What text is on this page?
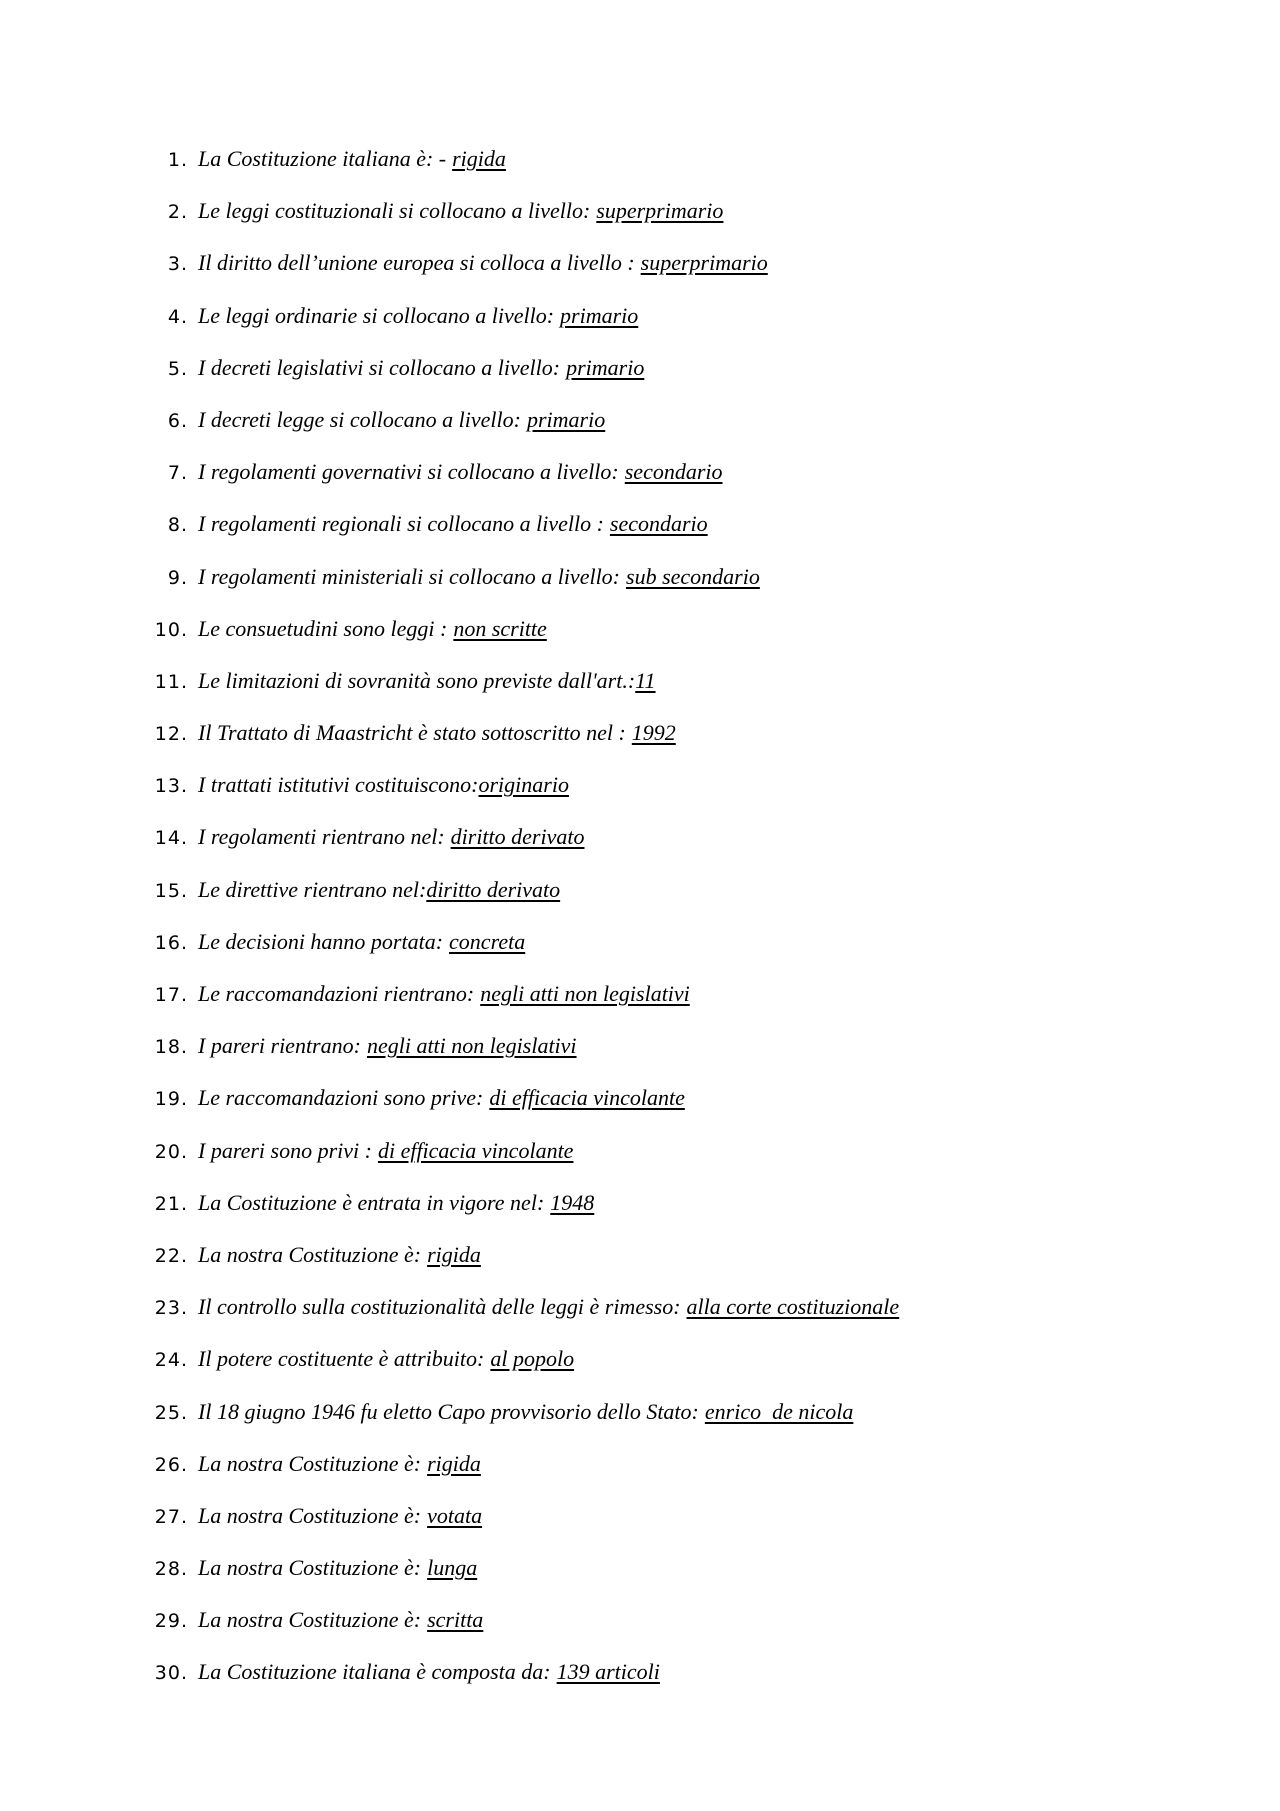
1. La Costituzione italiana è: - rigida
2. Le leggi costituzionali si collocano a livello: superprimario
3. Il diritto dell’unione europea si colloca a livello : superprimario
4. Le leggi ordinarie si collocano a livello: primario
5. I decreti legislativi si collocano a livello: primario
6. I decreti legge si collocano a livello: primario
7. I regolamenti governativi si collocano a livello: secondario
8. I regolamenti regionali si collocano a livello : secondario
9. I regolamenti ministeriali si collocano a livello: sub secondario
10. Le consuetudini sono leggi : non scritte
11. Le limitazioni di sovranità sono previste dall'art.: 11
12. Il Trattato di Maastricht è stato sottoscritto nel : 1992
13. I trattati istitutivi costituiscono: originario
14. I regolamenti rientrano nel: diritto derivato
15. Le direttive rientrano nel: diritto derivato
16. Le decisioni hanno portata: concreta
17. Le raccomandazioni rientrano: negli atti non legislativi
18. I pareri rientrano: negli atti non legislativi
19. Le raccomandazioni sono prive: di efficacia vincolante
20. I pareri sono privi : di efficacia vincolante
21. La Costituzione è entrata in vigore nel: 1948
22. La nostra Costituzione è: rigida
23. Il controllo sulla costituzionalità delle leggi è rimesso: alla corte costituzionale
24. Il potere costituente è attribuito: al popolo
25. Il 18 giugno 1946 fu eletto Capo provvisorio dello Stato: enrico  de nicola
26. La nostra Costituzione è: rigida
27. La nostra Costituzione è: votata
28. La nostra Costituzione è: lunga
29. La nostra Costituzione è: scritta
30. La Costituzione italiana è composta da: 139 articoli
